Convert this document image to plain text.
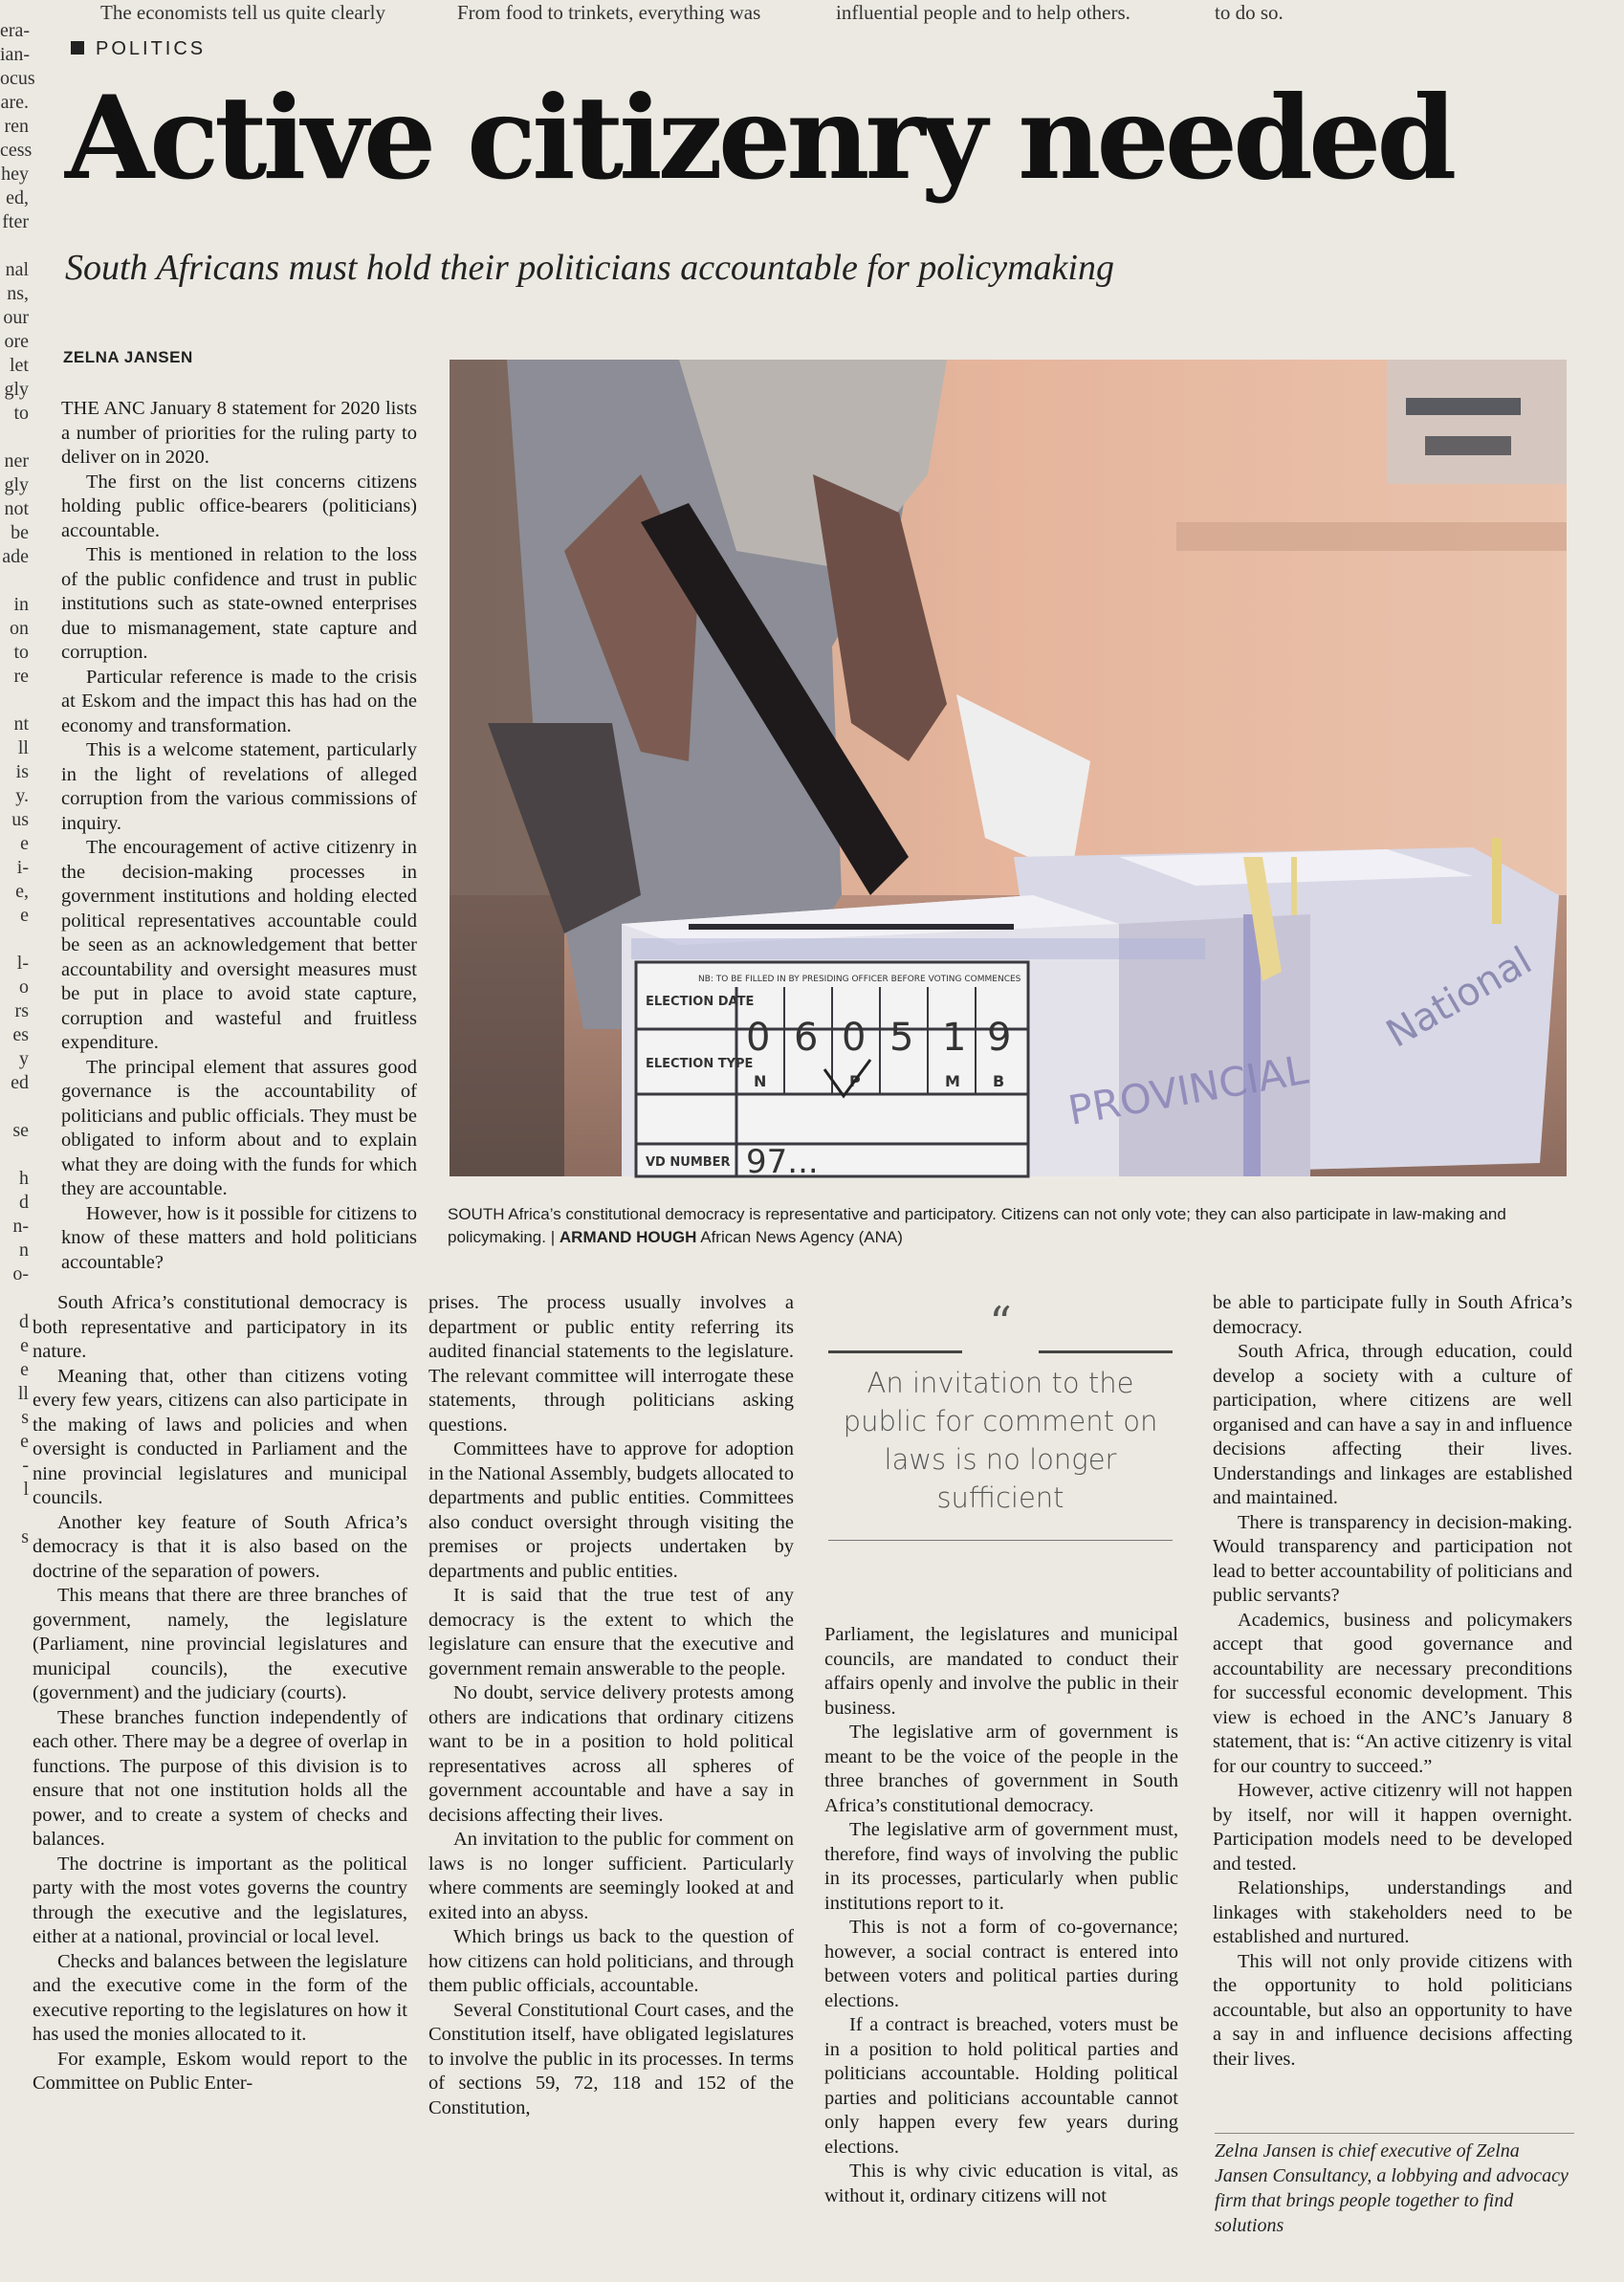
The economists tell us quite clearly	From food to trinkets, everything was	influential people and to help others.	to do so.
era-
ian-
ocus
are.
ren
cess
hey
ed,
fter
nal
ns,
our
ore
let
gly
to
ner
gly
not
be
ade
in
on
to
re
nt
ll
is
y.
us
e
i-
e,
e
l-
o
rs
es
y
ed
se
h
d
n-
n
o-
d
e
e
ll
s
e
-
l
s
POLITICS
Active citizenry needed
South Africans must hold their politicians accountable for policymaking
ZELNA JANSEN
National
NB: TO BE FILLED IN BY PRESIDING OFFICER BEFORE VOTING COMMENCES
ELECTION DATE
ELECTION TYPE
VD NUMBER
0 6 0 5 1 9
N	P	M B
97...
PROVINCIAL
SOUTH Africa’s constitutional democracy is representative and participatory. Citizens can not only vote; they can also participate in law-making and policymaking. | ARMAND HOUGH African News Agency (ANA)

THE ANC January 8 statement for 2020 lists a number of priorities for the ruling party to deliver on in 2020.

The first on the list concerns citizens holding public office-bearers (politicians) accountable.

This is mentioned in relation to the loss of the public confidence and trust in public institutions such as state-owned enterprises due to mismanagement, state capture and corruption.

Particular reference is made to the crisis at Eskom and the impact this has had on the economy and transformation.

This is a welcome statement, particularly in the light of revelations of alleged corruption from the various commissions of inquiry.

The encouragement of active citizenry in the decision-making processes in government institutions and holding elected political representatives accountable could be seen as an acknowledgement that better accountability and oversight measures must be put in place to avoid state capture, corruption and wasteful and fruitless expenditure.

The principal element that assures good governance is the accountability of politicians and public officials. They must be obligated to inform about and to explain what they are doing with the funds for which they are accountable.

However, how is it possible for citizens to know of these matters and hold politicians accountable?

South Africa’s constitutional democracy is both representative and participatory in its nature.

Meaning that, other than citizens voting every few years, citizens can also participate in the making of laws and policies and when oversight is conducted in Parliament and the nine provincial legislatures and municipal councils.

Another key feature of South Africa’s democracy is that it is also based on the doctrine of the separation of powers.

This means that there are three branches of government, namely, the legislature (Parliament, nine provincial legislatures and municipal councils), the executive (government) and the judiciary (courts).

These branches function independently of each other. There may be a degree of overlap in functions. The purpose of this division is to ensure that not one institution holds all the power, and to create a system of checks and balances.

The doctrine is important as the political party with the most votes governs the country through the executive and the legislatures, either at a national, provincial or local level.

Checks and balances between the legislature and the executive come in the form of the executive reporting to the legislatures on how it has used the monies allocated to it.

For example, Eskom would report to the Committee on Public Enter-

prises. The process usually involves a department or public entity referring its audited financial statements to the legislature. The relevant committee will interrogate these statements, through politicians asking questions.

Committees have to approve for adoption in the National Assembly, budgets allocated to departments and public entities. Committees also conduct oversight through visiting the premises or projects undertaken by departments and public entities.

It is said that the true test of any democracy is the extent to which the legislature can ensure that the executive and government remain answerable to the people.

No doubt, service delivery protests among others are indications that ordinary citizens want to be in a position to hold political representatives across all spheres of government accountable and have a say in decisions affecting their lives.

An invitation to the public for comment on laws is no longer sufficient. Particularly where comments are seemingly looked at and exited into an abyss.

Which brings us back to the question of how citizens can hold politicians, and through them public officials, accountable.

Several Constitutional Court cases, and the Constitution itself, have obligated legislatures to involve the public in its processes. In terms of sections 59, 72, 118 and 152 of the Constitution,

“
An invitation to the public for comment on laws is no longer sufficient

Parliament, the legislatures and municipal councils, are mandated to conduct their affairs openly and involve the public in their business.

The legislative arm of government is meant to be the voice of the people in the three branches of government in South Africa’s constitutional democracy.

The legislative arm of government must, therefore, find ways of involving the public in its processes, particularly when public institutions report to it.

This is not a form of co-governance; however, a social contract is entered into between voters and political parties during elections.

If a contract is breached, voters must be in a position to hold political parties and politicians accountable. Holding political parties and politicians accountable cannot only happen every few years during elections.

This is why civic education is vital, as without it, ordinary citizens will not

be able to participate fully in South Africa’s democracy.

South Africa, through education, could develop a society with a culture of participation, where citizens are well organised and can have a say in and influence decisions affecting their lives. Understandings and linkages are established and maintained.

There is transparency in decision-making. Would transparency and participation not lead to better accountability of politicians and public servants?

Academics, business and policymakers accept that good governance and accountability are necessary preconditions for successful economic development. This view is echoed in the ANC’s January 8 statement, that is: “An active citizenry is vital for our country to succeed.”

However, active citizenry will not happen by itself, nor will it happen overnight. Participation models need to be developed and tested.

Relationships, understandings and linkages with stakeholders need to be established and nurtured.

This will not only provide citizens with the opportunity to hold politicians accountable, but also an opportunity to have a say in and influence decisions affecting their lives.

Zelna Jansen is chief executive of Zelna Jansen Consultancy, a lobbying and advocacy firm that brings people together to find solutions
